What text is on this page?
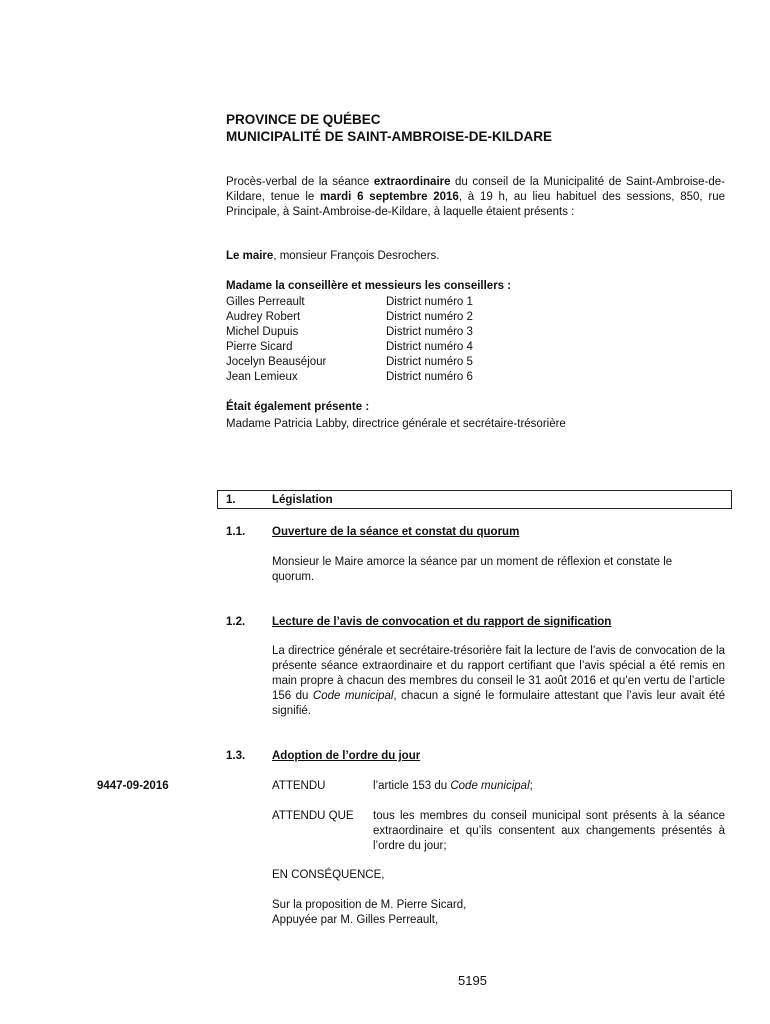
PROVINCE DE QUÉBEC
MUNICIPALITÉ DE SAINT-AMBROISE-DE-KILDARE
Procès-verbal de la séance extraordinaire du conseil de la Municipalité de Saint-Ambroise-de-Kildare, tenue le mardi 6 septembre 2016, à 19 h, au lieu habituel des sessions, 850, rue Principale, à Saint-Ambroise-de-Kildare, à laquelle étaient présents :
Le maire, monsieur François Desrochers.
Madame la conseillère et messieurs les conseillers :
Gilles Perreault	District numéro 1
Audrey Robert	District numéro 2
Michel Dupuis	District numéro 3
Pierre Sicard	District numéro 4
Jocelyn Beauséjour	District numéro 5
Jean Lemieux	District numéro 6
Était également présente :
Madame Patricia Labby, directrice générale et secrétaire-trésorière
1.	Législation
1.1. Ouverture de la séance et constat du quorum
Monsieur le Maire amorce la séance par un moment de réflexion et constate le quorum.
1.2. Lecture de l’avis de convocation et du rapport de signification
La directrice générale et secrétaire-trésorière fait la lecture de l’avis de convocation de la présente séance extraordinaire et du rapport certifiant que l’avis spécial a été remis en main propre à chacun des membres du conseil le 31 août 2016 et qu’en vertu de l’article 156 du Code municipal, chacun a signé le formulaire attestant que l’avis leur avait été signifié.
1.3. Adoption de l’ordre du jour
9447-09-2016	ATTENDU	l’article 153 du Code municipal;
ATTENDU QUE tous les membres du conseil municipal sont présents à la séance extraordinaire et qu’ils consentent aux changements présentés à l’ordre du jour;
EN CONSÉQUENCE,
Sur la proposition de M. Pierre Sicard,
Appuyée par M. Gilles Perreault,
5195
